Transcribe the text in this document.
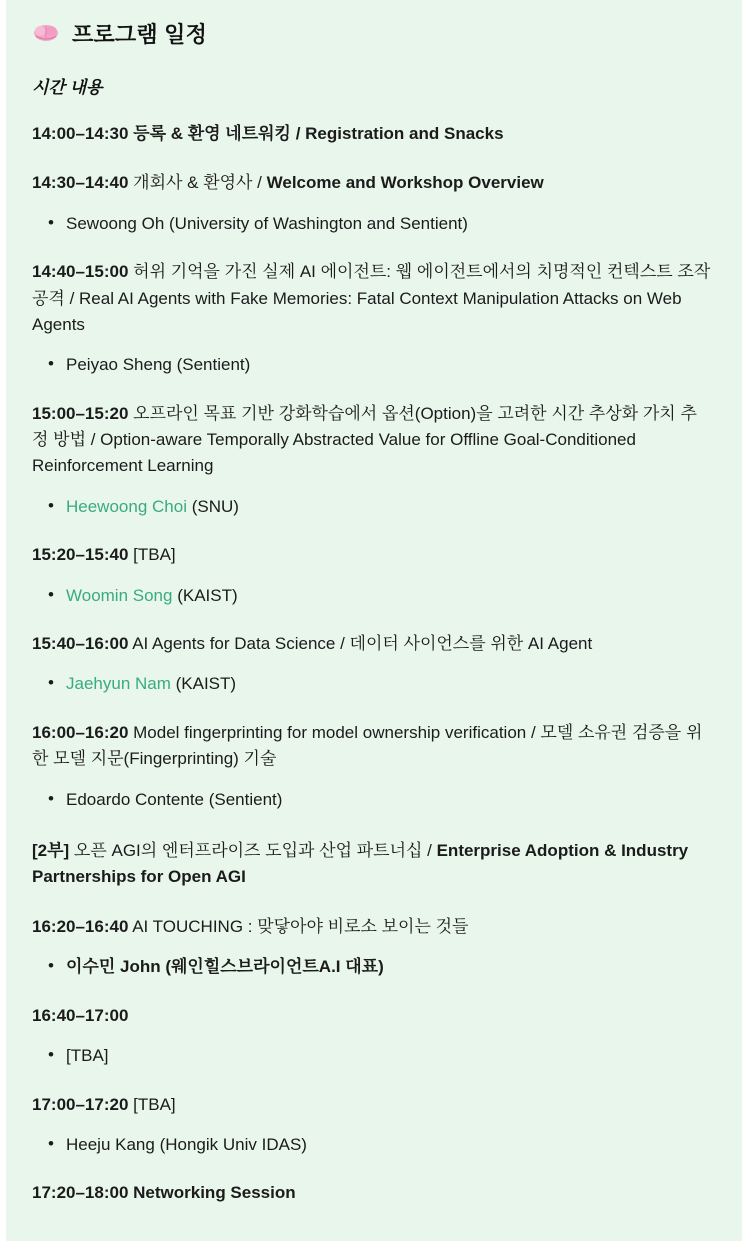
프로그램 일정
시간 내용
14:00–14:30 등록 & 환영 네트워킹 / Registration and Snacks
14:30–14:40 개회사 & 환영사 / Welcome and Workshop Overview
• Sewoong Oh (University of Washington and Sentient)
14:40–15:00 허위 기억을 가진 실제 AI 에이전트: 웹 에이전트에서의 치명적인 컨텍스트 조작 공격 / Real AI Agents with Fake Memories: Fatal Context Manipulation Attacks on Web Agents
• Peiyao Sheng (Sentient)
15:00–15:20 오프라인 목표 기반 강화학습에서 옵션(Option)을 고려한 시간 추상화 가치 추정 방법 / Option-aware Temporally Abstracted Value for Offline Goal-Conditioned Reinforcement Learning
• Heewoong Choi (SNU)
15:20–15:40 [TBA]
• Woomin Song (KAIST)
15:40–16:00 AI Agents for Data Science / 데이터 사이언스를 위한 AI Agent
• Jaehyun Nam (KAIST)
16:00–16:20 Model fingerprinting for model ownership verification / 모델 소유권 검증을 위한 모델 지문(Fingerprinting) 기술
• Edoardo Contente (Sentient)
[2부] 오픈 AGI의 엔터프라이즈 도입과 산업 파트너십 / Enterprise Adoption & Industry Partnerships for Open AGI
16:20–16:40 AI TOUCHING : 맞닿아야 비로소 보이는 것들
• 이수민 John (웨인힐스브라이언트A.I 대표)
16:40–17:00
• [TBA]
17:00–17:20 [TBA]
• Heeju Kang (Hongik Univ IDAS)
17:20–18:00 Networking Session
